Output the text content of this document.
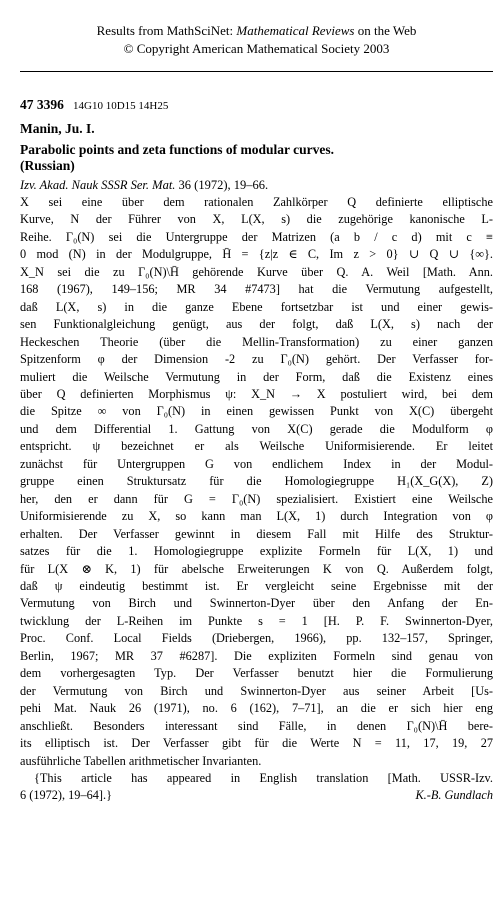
Results from MathSciNet: Mathematical Reviews on the Web
© Copyright American Mathematical Society 2003
47 3396 14G10 10D15 14H25
Manin, Ju. I.
Parabolic points and zeta functions of modular curves.
(Russian)
Izv. Akad. Nauk SSSR Ser. Mat. 36 (1972), 19–66.
X sei eine über dem rationalen Zahlkörper Q definierte elliptische
Kurve, N der Führer von X, L(X, s) die zugehörige kanonische L-
Reihe. Γ₀(N) sei die Untergruppe der Matrizen (a b / c d) mit c ≡
0 mod (N) in der Modulgruppe, H̄ = {z|z ∈ C, Im z > 0} ∪ Q ∪ {∞}.
X_N sei die zu Γ₀(N)\H̄ gehörende Kurve über Q. A. Weil [Math. Ann.
168 (1967), 149–156; MR 34 #7473] hat die Vermutung aufgestellt,
daß L(X, s) in die ganze Ebene fortsetzbar ist und einer gewis-
sen Funktionalgleichung genügt, aus der folgt, daß L(X, s) nach der
Heckeschen Theorie (über die Mellin-Transformation) zu einer ganzen
Spitzenform φ der Dimension -2 zu Γ₀(N) gehört. Der Verfasser for-
muliert die Weilsche Vermutung in der Form, daß die Existenz eines
über Q definierten Morphismus ψ: X_N → X postuliert wird, bei dem
die Spitze ∞ von Γ₀(N) in einen gewissen Punkt von X(C) übergeht
und dem Differential 1. Gattung von X(C) gerade die Modulform φ
entspricht. ψ bezeichnet er als Weilsche Uniformisierende. Er leitet
zunächst für Untergruppen G von endlichem Index in der Modul-
gruppe einen Struktursatz für die Homologiegruppe H₁(X_G(X), Z)
her, den er dann für G = Γ₀(N) spezialisiert. Existiert eine Weilsche
Uniformisierende zu X, so kann man L(X, 1) durch Integration von φ
erhalten. Der Verfasser gewinnt in diesem Fall mit Hilfe des Struktur-
satzes für die 1. Homologiegruppe explizite Formeln für L(X, 1) und
für L(X ⊗ K, 1) für abelsche Erweiterungen K von Q. Außerdem folgt,
daß ψ eindeutig bestimmt ist. Er vergleicht seine Ergebnisse mit der
Vermutung von Birch und Swinnerton-Dyer über den Anfang der En-
twicklung der L-Reihen im Punkte s = 1 [H. P. F. Swinnerton-Dyer,
Proc. Conf. Local Fields (Driebergen, 1966), pp. 132–157, Springer,
Berlin, 1967; MR 37 #6287]. Die expliziten Formeln sind genau von
dem vorhergesagten Typ. Der Verfasser benutzt hier die Formulierung
der Vermutung von Birch und Swinnerton-Dyer aus seiner Arbeit [Us-
pehi Mat. Nauk 26 (1971), no. 6 (162), 7–71], an die er sich hier eng
anschließt. Besonders interessant sind Fälle, in denen Γ₀(N)\H̄ bere-
its elliptisch ist. Der Verfasser gibt für die Werte N = 11, 17, 19, 27
ausführliche Tabellen arithmetischer Invarianten.
{This article has appeared in English translation [Math. USSR-Izv.
6 (1972), 19–64].}	K.-B. Gundlach
